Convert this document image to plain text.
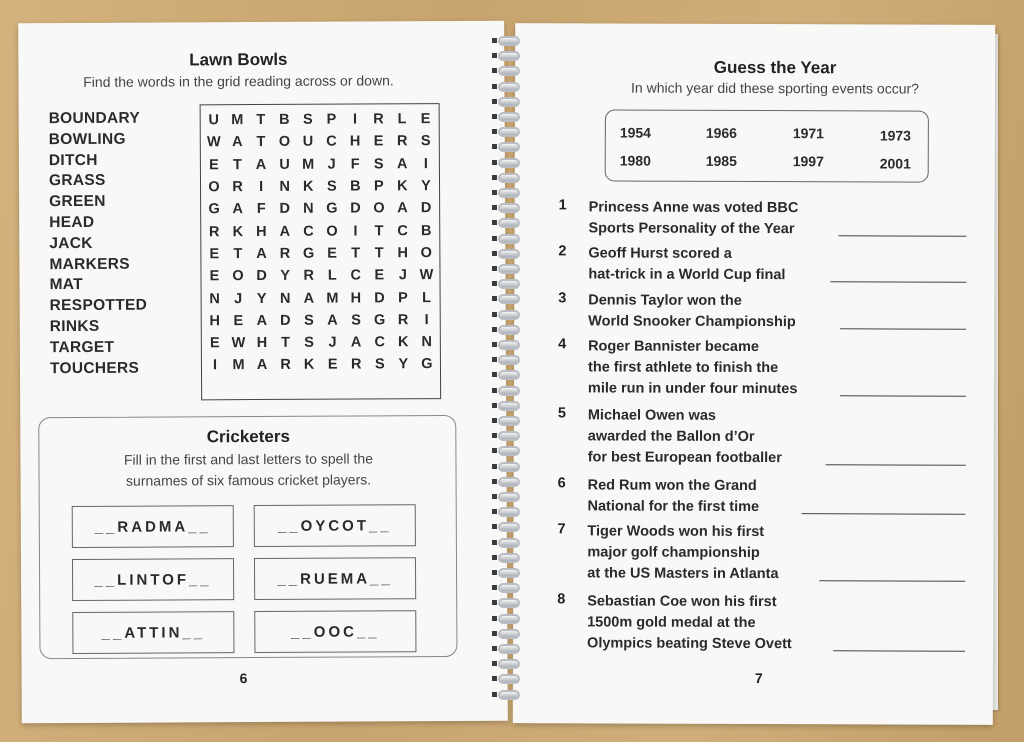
Lawn Bowls
Find the words in the grid reading across or down.
BOUNDARY
BOWLING
DITCH
GRASS
GREEN
HEAD
JACK
MARKERS
MAT
RESPOTTED
RINKS
TARGET
TOUCHERS
U M T B S P	I	R L E
W A T O U C H E R S
E T A U M J	F S A	I
O R	I	N K S B P K Y
G A F D N G D O A D
R K H A C O	I	T C B
E T A R G E T	T H O
E O D Y R L C E	J W
N J	Y N A M H D P L
H E A D S A S G R	I
E W H T S	J A C K N
I	M A R K E R S Y G
Cricketers
Fill in the first and last letters to spell the
surnames of six famous cricket players.
__RADMA__	__OYCOT__
__LINTOF__	__RUEMA__
__ATTIN__	__OOC__
6
Guess the Year
In which year did these sporting events occur?
1954	1966	1971	1973
1980	1985	1997	2001
1 Princess Anne was voted BBC
Sports Personality of the Year
2 Geoff Hurst scored a
hat-trick in a World Cup final
3 Dennis Taylor won the
World Snooker Championship
4 Roger Bannister became
the first athlete to finish the
mile run in under four minutes
5 Michael Owen was
awarded the Ballon d’Or
for best European footballer
6 Red Rum won the Grand
National for the first time
7 Tiger Woods won his first
major golf championship
at the US Masters in Atlanta
8 Sebastian Coe won his first
1500m gold medal at the
Olympics beating Steve Ovett
7
